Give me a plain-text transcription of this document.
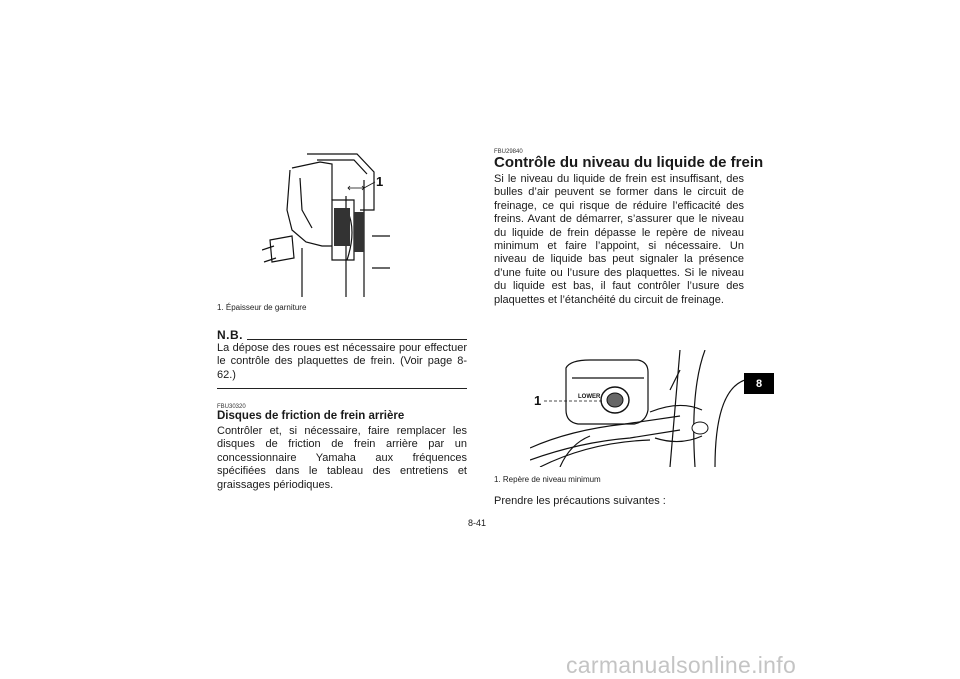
1
1. Épaisseur de garniture
N.B.
La dépose des roues est nécessaire pour effectuer le contrôle des plaquettes de frein. (Voir page 8-62.)
FBU30320
Disques de friction de frein arrière
Contrôler et, si nécessaire, faire remplacer les disques de friction de frein arrière par un concessionnaire Yamaha aux fréquences spécifiées dans le tableau des entretiens et graissages périodiques.
FBU29840
Contrôle du niveau du liquide de frein
Si le niveau du liquide de frein est insuffisant, des bulles d’air peuvent se former dans le circuit de freinage, ce qui risque de réduire l’efficacité des freins. Avant de démarrer, s’assurer que le niveau du liquide de frein dépasse le repère de niveau minimum et faire l’appoint, si nécessaire. Un niveau de liquide bas peut signaler la présence d’une fuite ou l’usure des plaquettes. Si le niveau du liquide est bas, il faut contrôler l’usure des plaquettes et l’étanchéité du circuit de freinage.
1	LOWER
1. Repère de niveau minimum
Prendre les précautions suivantes :
8-41
8
carmanualsonline.info
